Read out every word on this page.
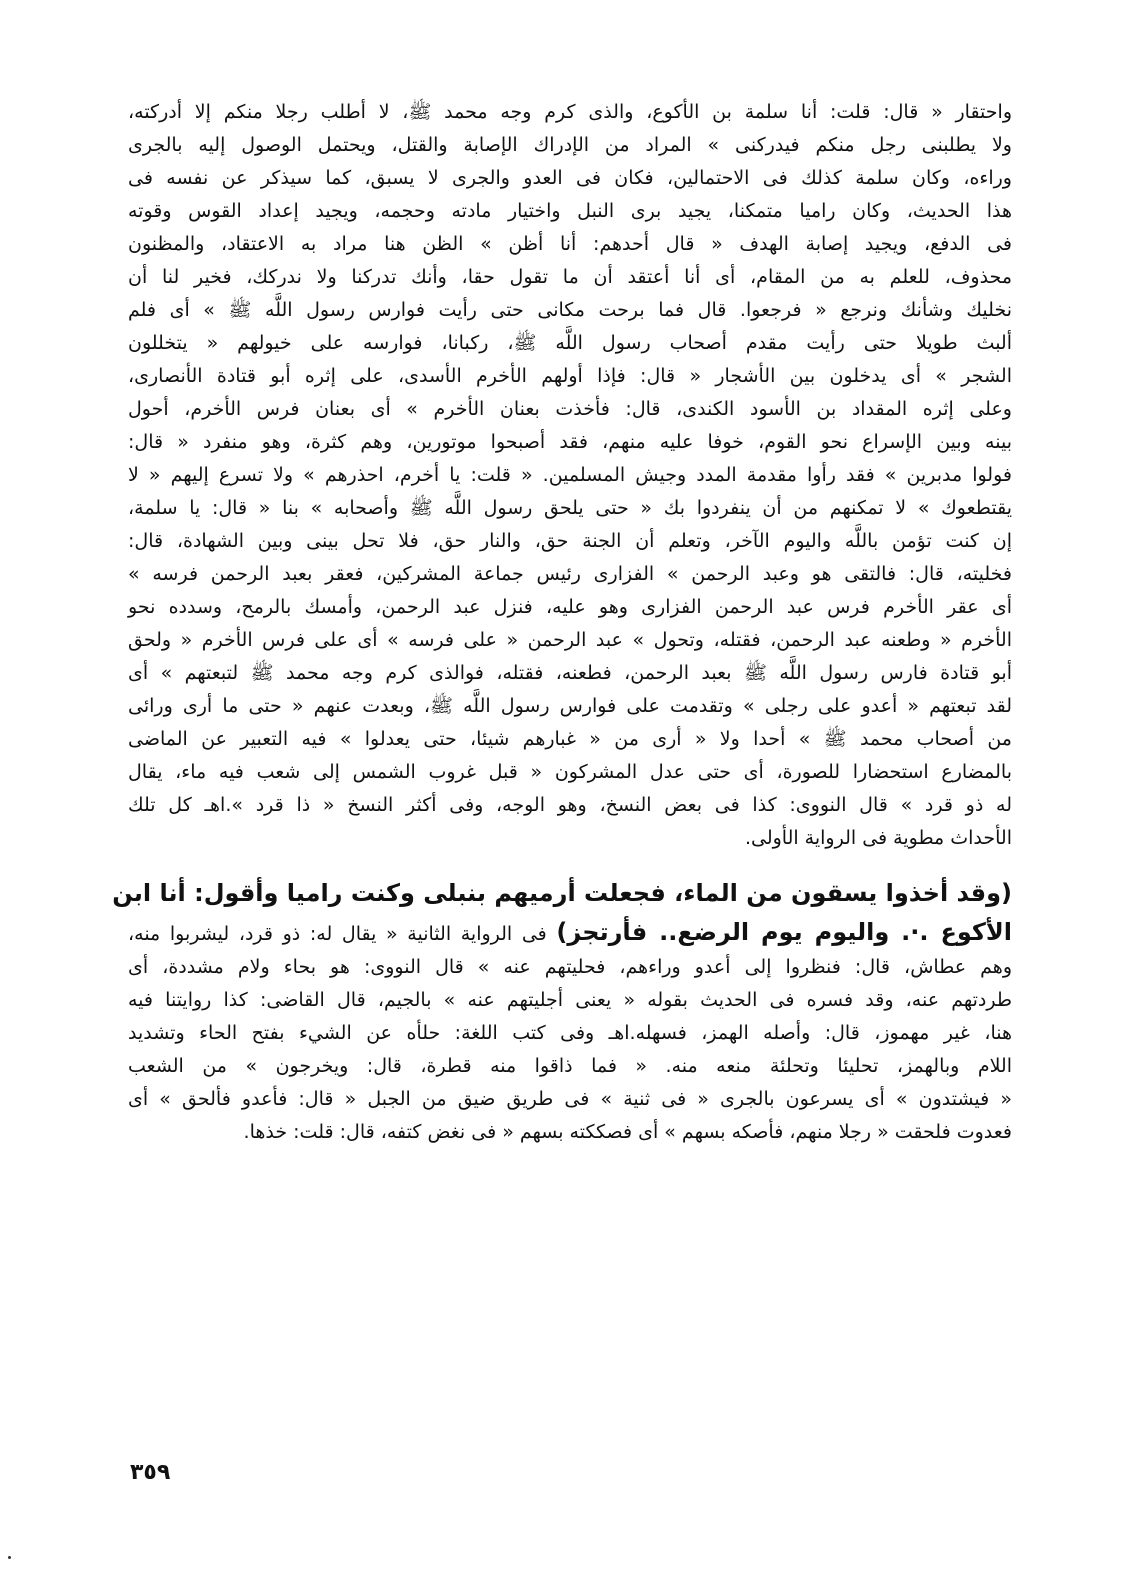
واحتقار « قال: قلت: أنا سلمة بن الأكوع، والذى كرم وجه محمد ﷺ، لا أطلب رجلا منكم إلا أدركته،
ولا يطلبنى رجل منكم فيدركنى » المراد من الإدراك الإصابة والقتل، ويحتمل الوصول إليه بالجرى
وراءه، وكان سلمة كذلك فى الاحتمالين، فكان فى العدو والجرى لا يسبق، كما سيذكر عن نفسه فى
هذا الحديث، وكان راميا متمكنا، يجيد برى النبل واختيار مادته وحجمه، ويجيد إعداد القوس وقوته
فى الدفع، ويجيد إصابة الهدف « قال أحدهم: أنا أظن » الظن هنا مراد به الاعتقاد، والمظنون
محذوف، للعلم به من المقام، أى أنا أعتقد أن ما تقول حقا، وأنك تدركنا ولا ندركك، فخير لنا أن
نخليك وشأنك ونرجع « فرجعوا. قال فما برحت مكانى حتى رأيت فوارس رسول اللَّه ﷺ » أى فلم
ألبث طويلا حتى رأيت مقدم أصحاب رسول اللَّه ﷺ، ركبانا، فوارسه على خيولهم « يتخللون
الشجر » أى يدخلون بين الأشجار « قال: فإذا أولهم الأخرم الأسدى، على إثره أبو قتادة الأنصارى،
وعلى إثره المقداد بن الأسود الكندى، قال: فأخذت بعنان الأخرم » أى بعنان فرس الأخرم، أحول
بينه وبين الإسراع نحو القوم، خوفا عليه منهم، فقد أصبحوا موتورين، وهم كثرة، وهو منفرد « قال:
فولوا مدبرين » فقد رأوا مقدمة المدد وجيش المسلمين. « قلت: يا أخرم، احذرهم » ولا تسرع إليهم « لا
يقتطعوك » لا تمكنهم من أن ينفردوا بك « حتى يلحق رسول اللَّه ﷺ وأصحابه » بنا « قال: يا سلمة،
إن كنت تؤمن باللَّه واليوم الآخر، وتعلم أن الجنة حق، والنار حق، فلا تحل بينى وبين الشهادة، قال:
فخليته، قال: فالتقى هو وعبد الرحمن » الفزارى رئيس جماعة المشركين، فعقر بعبد الرحمن فرسه »
أى عقر الأخرم فرس عبد الرحمن الفزارى وهو عليه، فنزل عبد الرحمن، وأمسك بالرمح، وسدده نحو
الأخرم « وطعنه عبد الرحمن، فقتله، وتحول » عبد الرحمن « على فرسه » أى على فرس الأخرم « ولحق
أبو قتادة فارس رسول اللَّه ﷺ بعبد الرحمن، فطعنه، فقتله، فوالذى كرم وجه محمد ﷺ لتبعتهم » أى
لقد تبعتهم « أعدو على رجلى » وتقدمت على فوارس رسول اللَّه ﷺ، وبعدت عنهم « حتى ما أرى ورائى
من أصحاب محمد ﷺ » أحدا ولا « أرى من « غبارهم شيئا، حتى يعدلوا » فيه التعبير عن الماضى
بالمضارع استحضارا للصورة، أى حتى عدل المشركون « قبل غروب الشمس إلى شعب فيه ماء، يقال
له ذو قرد » قال النووى: كذا فى بعض النسخ، وهو الوجه، وفى أكثر النسخ « ذا قرد ».اهـ كل تلك
الأحداث مطوية فى الرواية الأولى.
(وقد أخذوا يسقون من الماء، فجعلت أرميهم بنبلى وكنت راميا وأقول: أنا ابن
الأكوع .·. واليوم يوم الرضع.. فأرتجز) فى الرواية الثانية « يقال له: ذو قرد، ليشربوا منه،
وهم عطاش، قال: فنظروا إلى أعدو وراءهم، فحليتهم عنه » قال النووى: هو بحاء ولام مشددة، أى
طردتهم عنه، وقد فسره فى الحديث بقوله « يعنى أجليتهم عنه » بالجيم، قال القاضى: كذا روايتنا فيه
هنا، غير مهموز، قال: وأصله الهمز، فسهله.اهـ وفى كتب اللغة: حلأه عن الشيء بفتح الحاء وتشديد
اللام وبالهمز، تحليئا وتحلئة منعه منه. « فما ذاقوا منه قطرة، قال: ويخرجون » من الشعب
« فيشتدون » أى يسرعون بالجرى « فى ثنية » فى طريق ضيق من الجبل « قال: فأعدو فألحق » أى
فعدوت فلحقت « رجلا منهم، فأصكه بسهم » أى فصككته بسهم « فى نغض كتفه، قال: قلت: خذها.
٣٥٩
